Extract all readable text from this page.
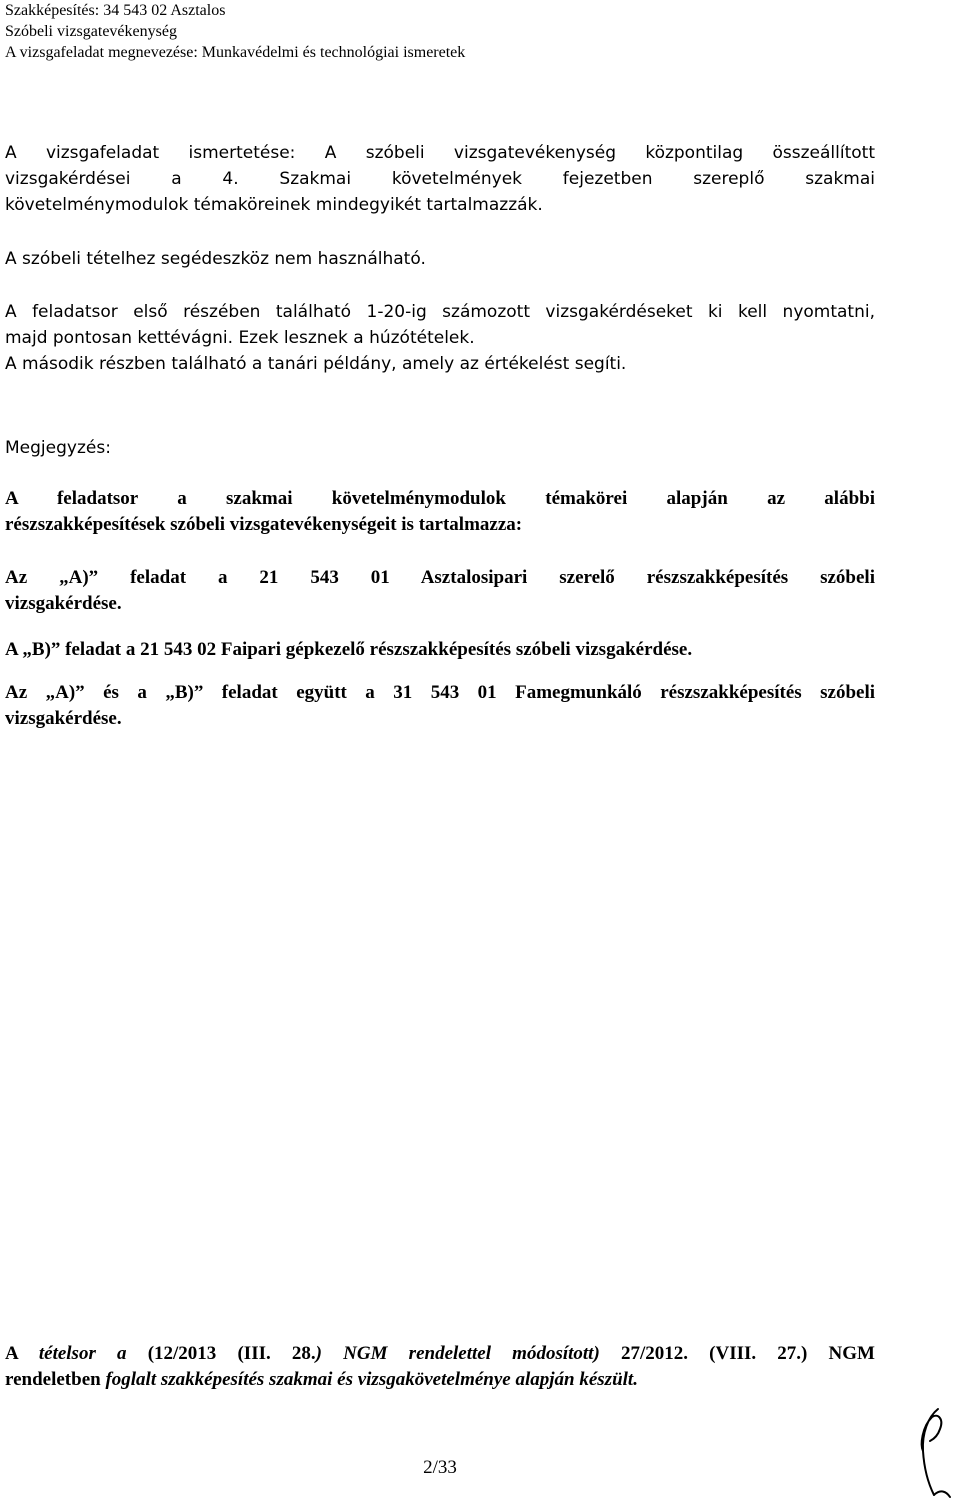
Szakképesítés: 34 543 02 Asztalos
Szóbeli vizsgatevékenység
A vizsgafeladat megnevezése: Munkavédelmi és technológiai ismeretek
A vizsgafeladat ismertetése: A szóbeli vizsgatevékenység központilag összeállított
vizsgakérdései a 4. Szakmai követelmények fejezetben szereplő szakmai
követelménymodulok témaköreinek mindegyikét tartalmazzák.
A szóbeli tételhez segédeszköz nem használható.
A feladatsor első részében található 1-20-ig számozott vizsgakérdéseket ki kell nyomtatni,
majd pontosan kettévágni. Ezek lesznek a húzótételek.
A második részben található a tanári példány, amely az értékelést segíti.
Megjegyzés:
A feladatsor a szakmai követelménymodulok témakörei alapján az alábbi
részszakképesítések szóbeli vizsgatevékenységeit is tartalmazza:
Az „A)” feladat a 21 543 01 Asztalosipari szerelő részszakképesítés szóbeli
vizsgakérdése.
A „B)” feladat a 21 543 02 Faipari gépkezelő részszakképesítés szóbeli vizsgakérdése.
Az „A)” és a „B)” feladat együtt a 31 543 01 Famegmunkáló részszakképesítés szóbeli
vizsgakérdése.
A tételsor a (12/2013 (III. 28.) NGM rendelettel módosított) 27/2012. (VIII. 27.) NGM
rendeletben foglalt szakképesítés szakmai és vizsgakövetelménye alapján készült.
2/33
